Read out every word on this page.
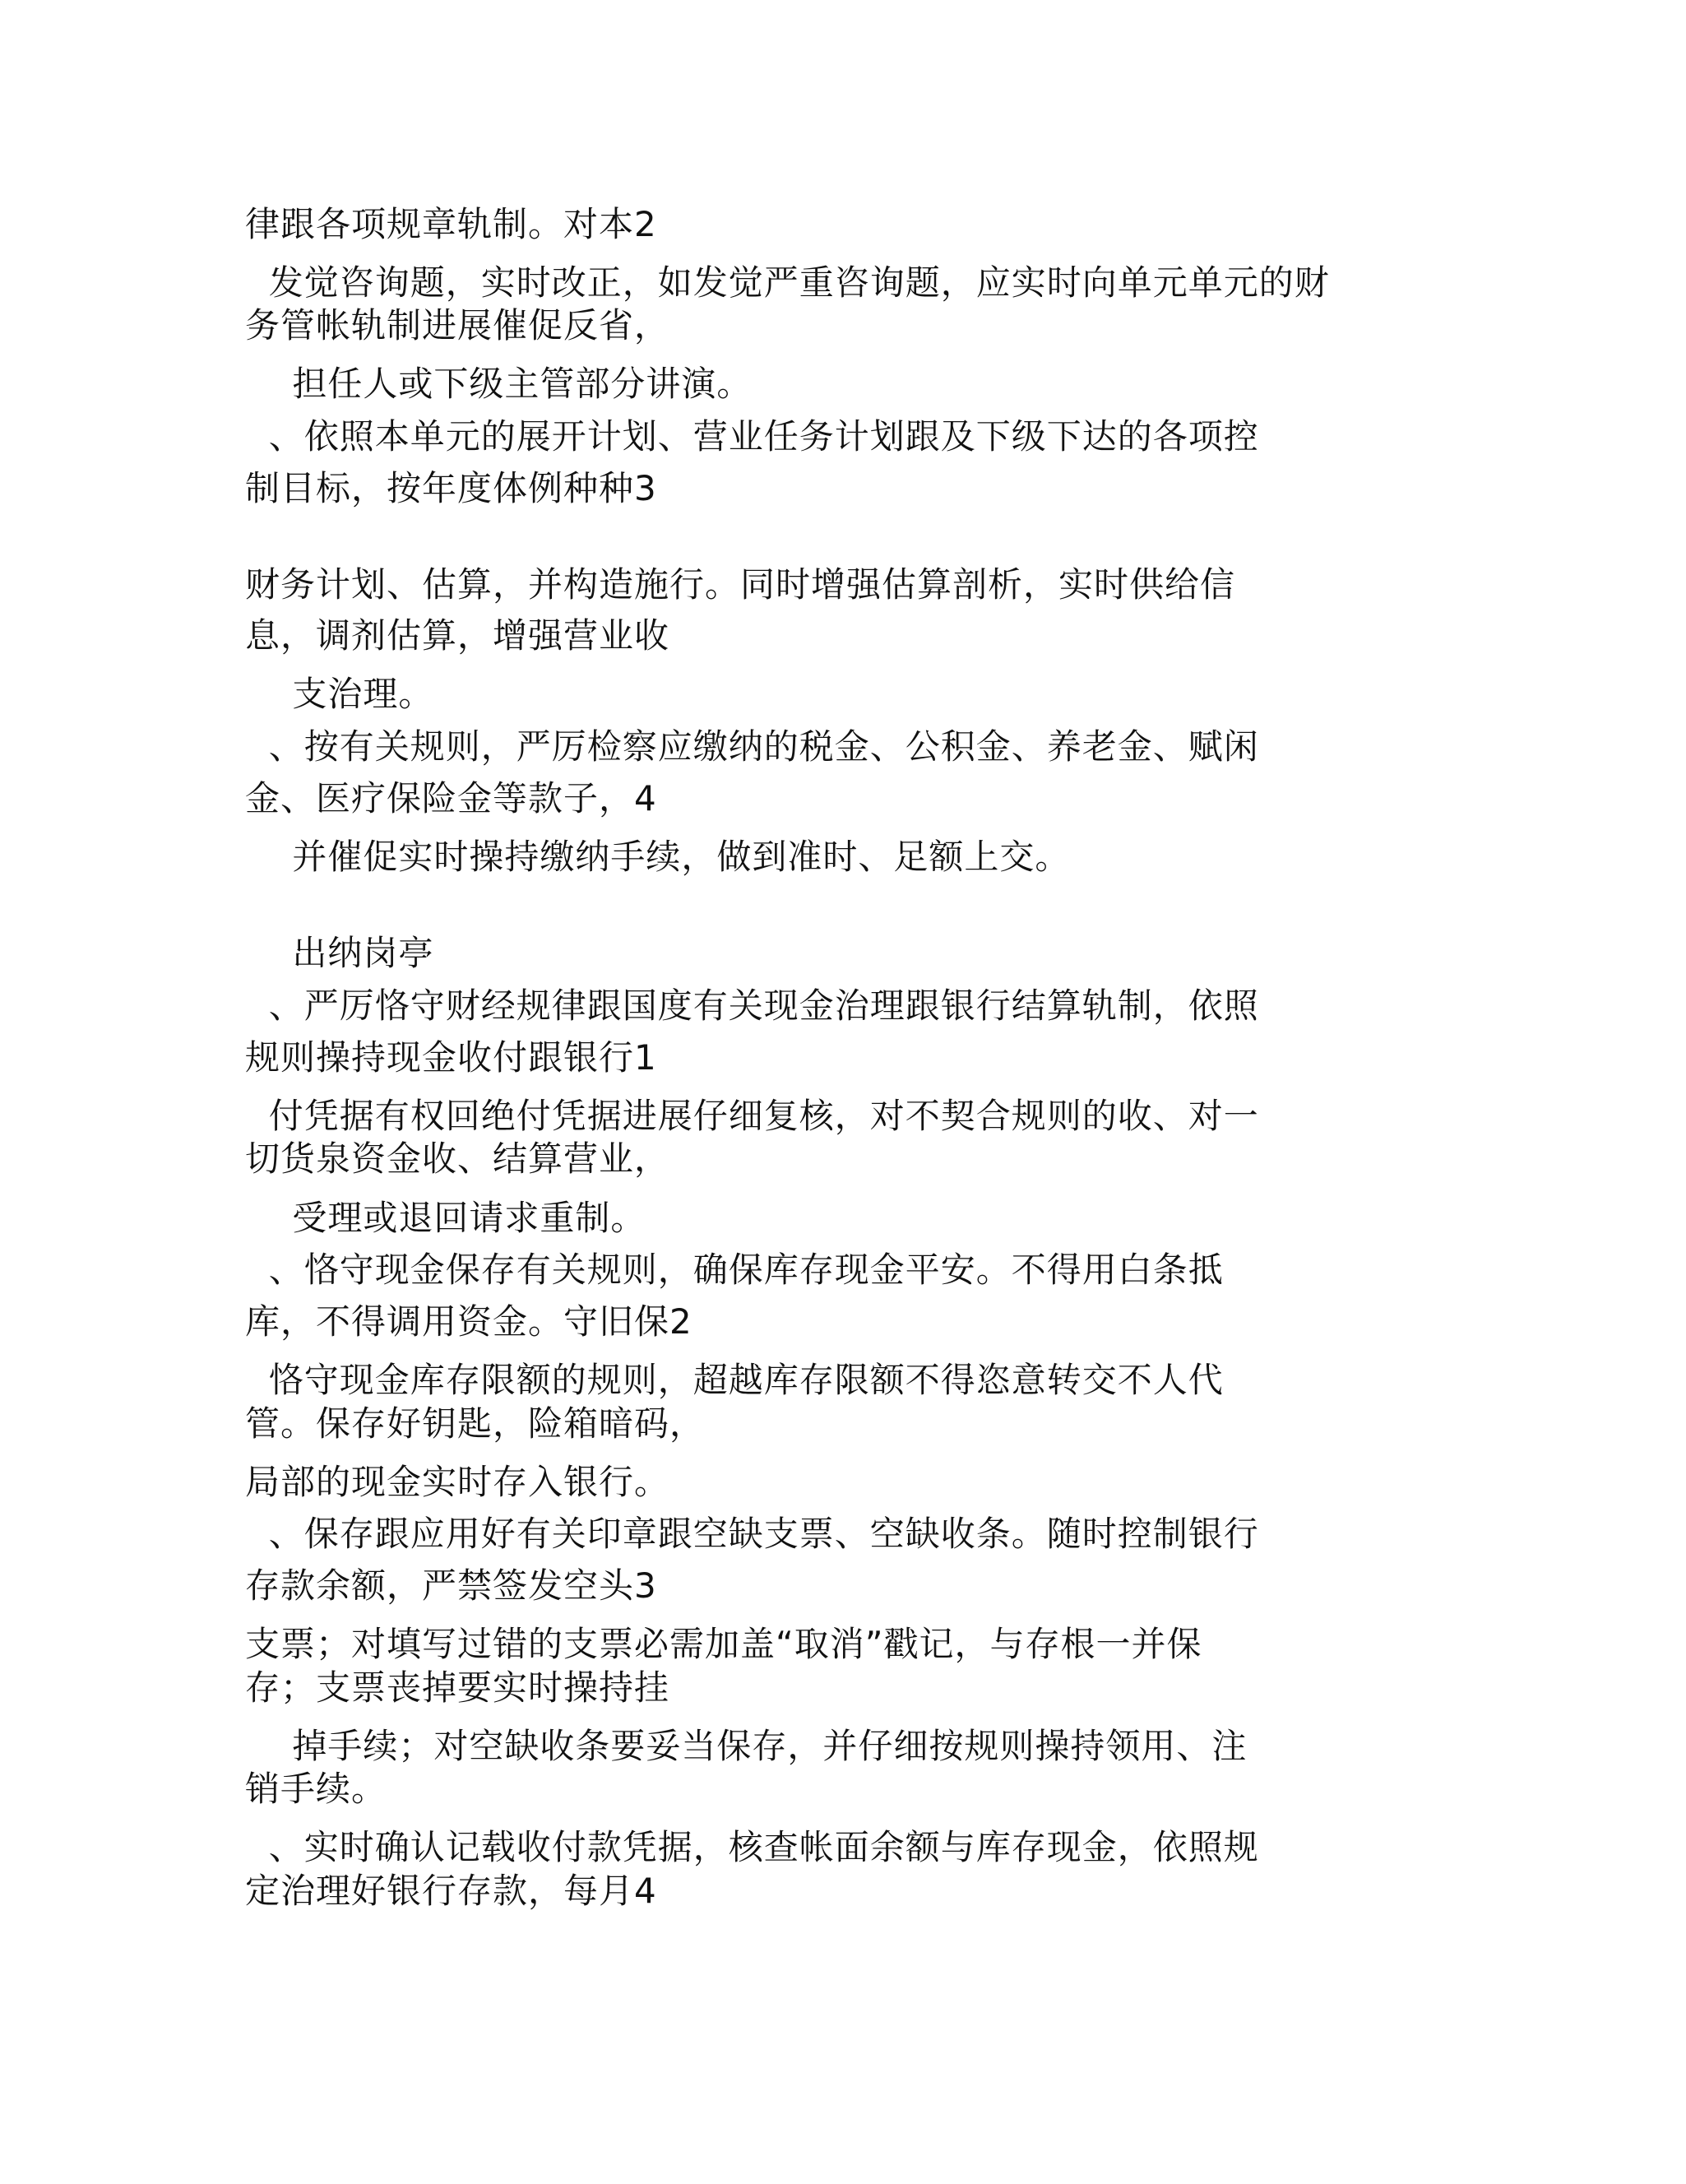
律跟各项规章轨制。对本2
发觉咨询题，实时改正，如发觉严重咨询题，应实时向单元单元的财
务管帐轨制进展催促反省，
担任人或下级主管部分讲演。
、依照本单元的展开计划、营业任务计划跟及下级下达的各项控
制目标，按年度体例种种3
财务计划、估算，并构造施行。同时增强估算剖析，实时供给信
息，调剂估算，增强营业收
支治理。
、按有关规则，严厉检察应缴纳的税金、公积金、养老金、赋闲
金、医疗保险金等款子，4
并催促实时操持缴纳手续，做到准时、足额上交。
出纳岗亭
、严厉恪守财经规律跟国度有关现金治理跟银行结算轨制，依照
规则操持现金收付跟银行1
付凭据有权回绝付凭据进展仔细复核，对不契合规则的收、对一
切货泉资金收、结算营业，
受理或退回请求重制。
、恪守现金保存有关规则，确保库存现金平安。不得用白条抵
库，不得调用资金。守旧保2
恪守现金库存限额的规则，超越库存限额不得恣意转交不人代
管。保存好钥匙，险箱暗码，
局部的现金实时存入银行。
、保存跟应用好有关印章跟空缺支票、空缺收条。随时控制银行
存款余额，严禁签发空头3
支票；对填写过错的支票必需加盖“取消”戳记，与存根一并保
存；支票丧掉要实时操持挂
掉手续；对空缺收条要妥当保存，并仔细按规则操持领用、注
销手续。
、实时确认记载收付款凭据，核查帐面余额与库存现金，依照规
定治理好银行存款，每月4
